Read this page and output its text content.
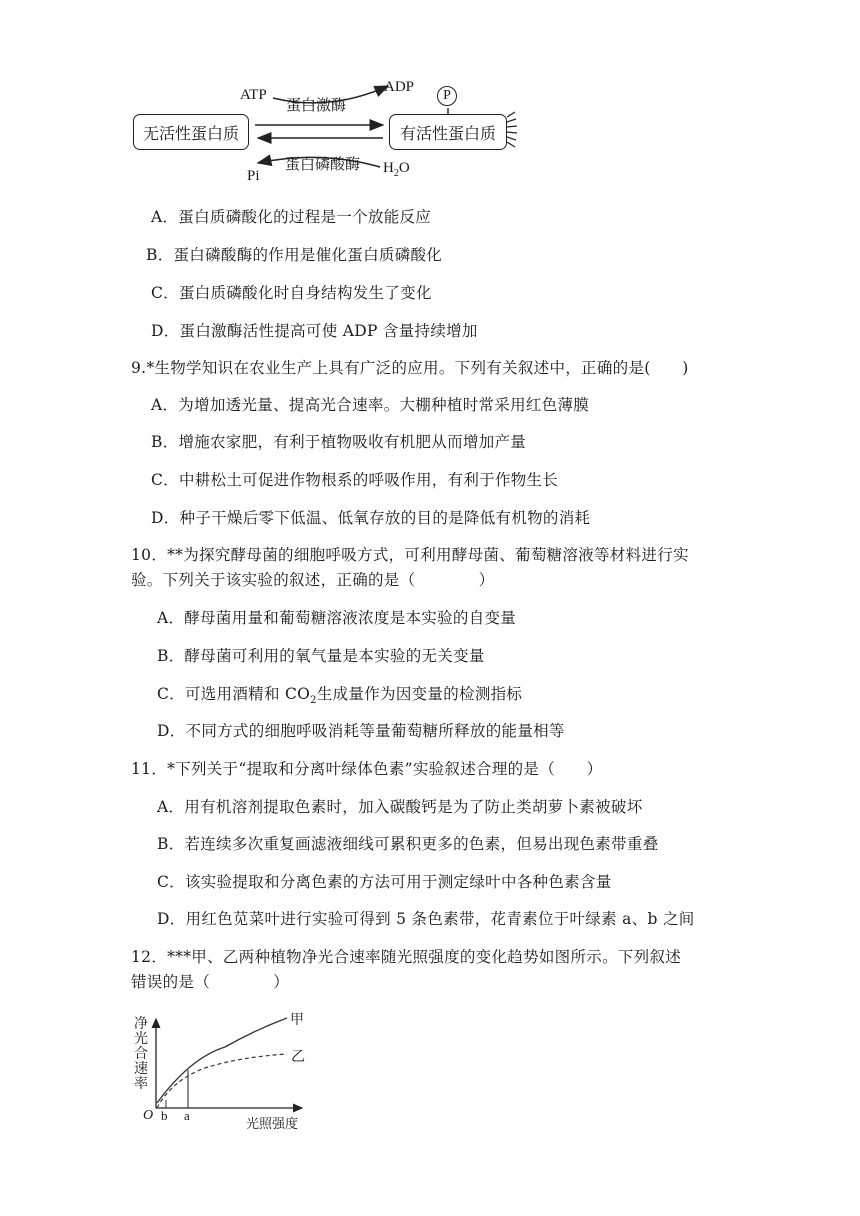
无活性蛋白质	有活性蛋白质
P
ATP	ADP
蛋白激酶
蛋白磷酸酶
Pi	$H_2O$
A．蛋白质磷酸化的过程是一个放能反应
B．蛋白磷酸酶的作用是催化蛋白质磷酸化
C．蛋白质磷酸化时自身结构发生了变化
D．蛋白激酶活性提高可使 ADP 含量持续增加
9.*生物学知识在农业生产上具有广泛的应用。下列有关叙述中，正确的是(　　)
A．为增加透光量、提高光合速率。大棚种植时常采用红色薄膜
B．增施农家肥，有利于植物吸收有机肥从而增加产量
C．中耕松土可促进作物根系的呼吸作用，有利于作物生长
D．种子干燥后零下低温、低氧存放的目的是降低有机物的消耗
10．**为探究酵母菌的细胞呼吸方式，可利用酵母菌、葡萄糖溶液等材料进行实
验。下列关于该实验的叙述，正确的是（　　　　）
A．酵母菌用量和葡萄糖溶液浓度是本实验的自变量
B．酵母菌可利用的氧气量是本实验的无关变量
C．可选用酒精和 $CO_2$生成量作为因变量的检测指标
D．不同方式的细胞呼吸消耗等量葡萄糖所释放的能量相等
11．*下列关于“提取和分离叶绿体色素”实验叙述合理的是（　　）
A．用有机溶剂提取色素时，加入碳酸钙是为了防止类胡萝卜素被破坏
B．若连续多次重复画滤液细线可累积更多的色素，但易出现色素带重叠
C．该实验提取和分离色素的方法可用于测定绿叶中各种色素含量
D．用红色苋菜叶进行实验可得到 5 条色素带，花青素位于叶绿素 a、b 之间
12．***甲、乙两种植物净光合速率随光照强度的变化趋势如图所示。下列叙述
错误的是（　　　　）
净
光
合
速
率
O b a
光照强度
甲
乙
